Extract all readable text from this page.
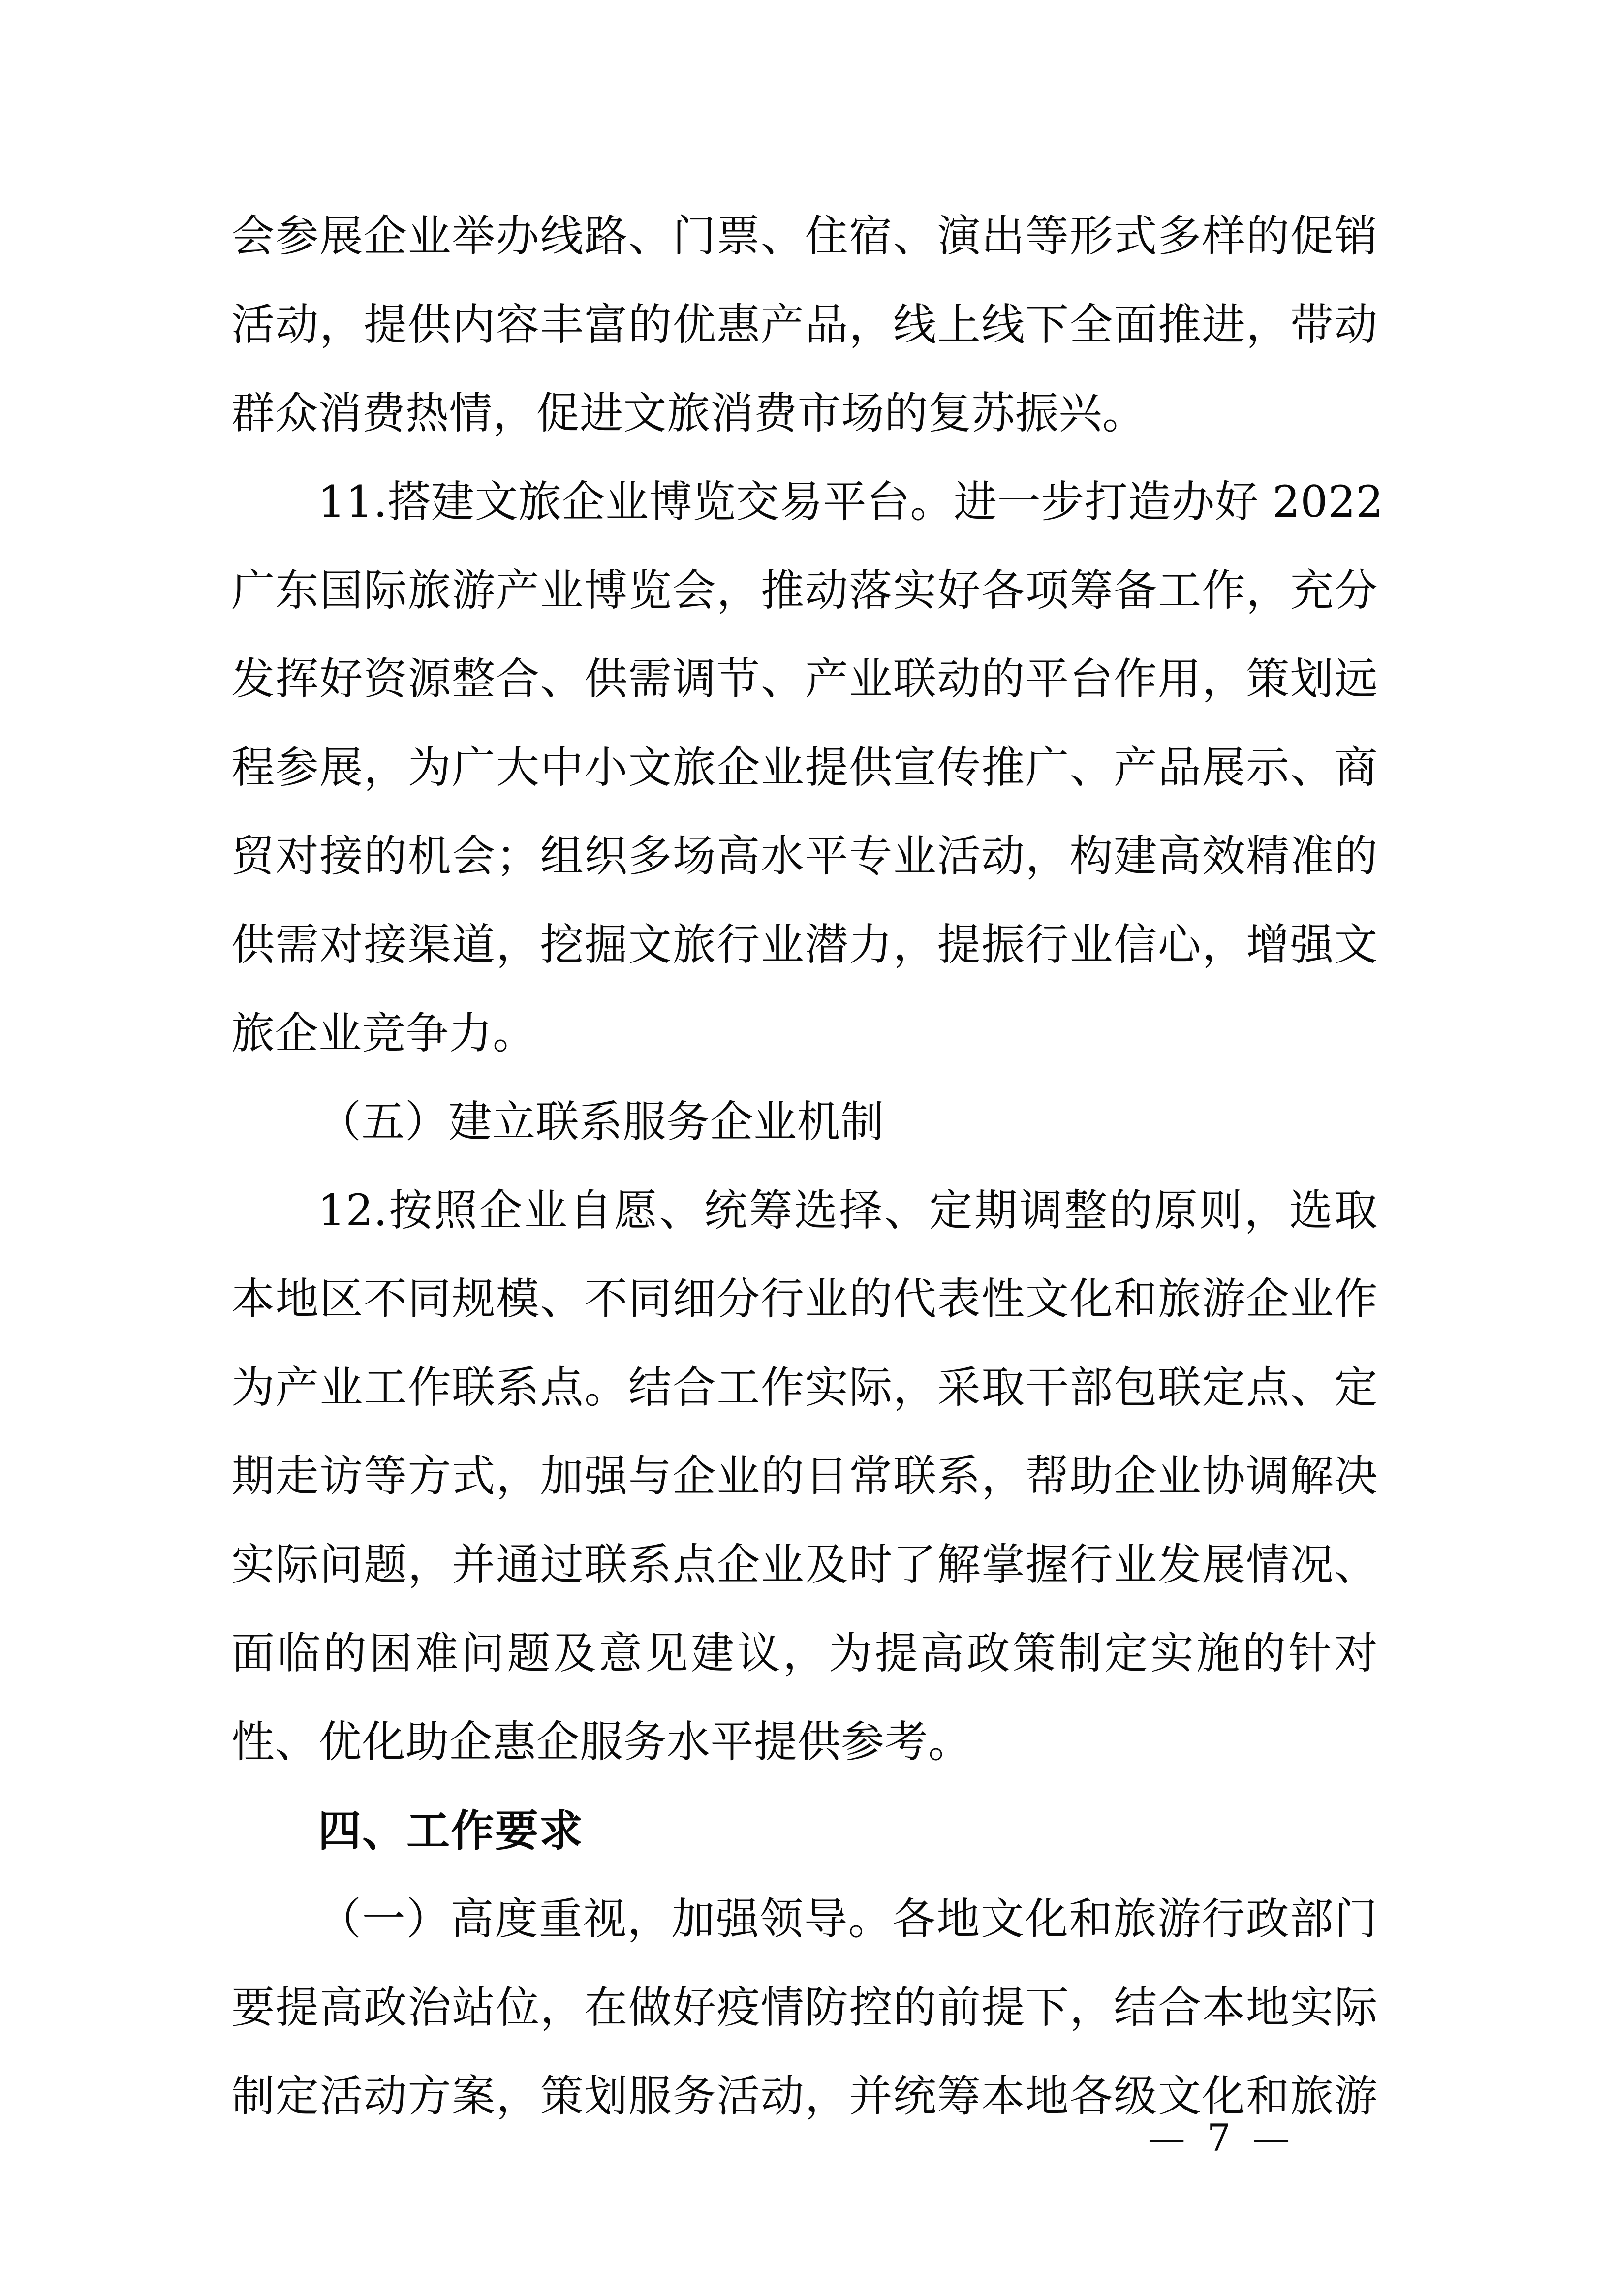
会参展企业举办线路、门票、住宿、演出等形式多样的促销
活动，提供内容丰富的优惠产品，线上线下全面推进，带动
群众消费热情，促进文旅消费市场的复苏振兴。
11.搭建文旅企业博览交易平台。进一步打造办好 2022
广东国际旅游产业博览会，推动落实好各项筹备工作，充分
发挥好资源整合、供需调节、产业联动的平台作用，策划远
程参展，为广大中小文旅企业提供宣传推广、产品展示、商
贸对接的机会；组织多场高水平专业活动，构建高效精准的
供需对接渠道，挖掘文旅行业潜力，提振行业信心，增强文
旅企业竞争力。
（五）建立联系服务企业机制
12.按照企业自愿、统筹选择、定期调整的原则，选取
本地区不同规模、不同细分行业的代表性文化和旅游企业作
为产业工作联系点。结合工作实际，采取干部包联定点、定
期走访等方式，加强与企业的日常联系，帮助企业协调解决
实际问题，并通过联系点企业及时了解掌握行业发展情况、
面临的困难问题及意见建议，为提高政策制定实施的针对
性、优化助企惠企服务水平提供参考。
四、工作要求
（一）高度重视，加强领导。各地文化和旅游行政部门
要提高政治站位，在做好疫情防控的前提下，结合本地实际
制定活动方案，策划服务活动，并统筹本地各级文化和旅游
— 7 —
